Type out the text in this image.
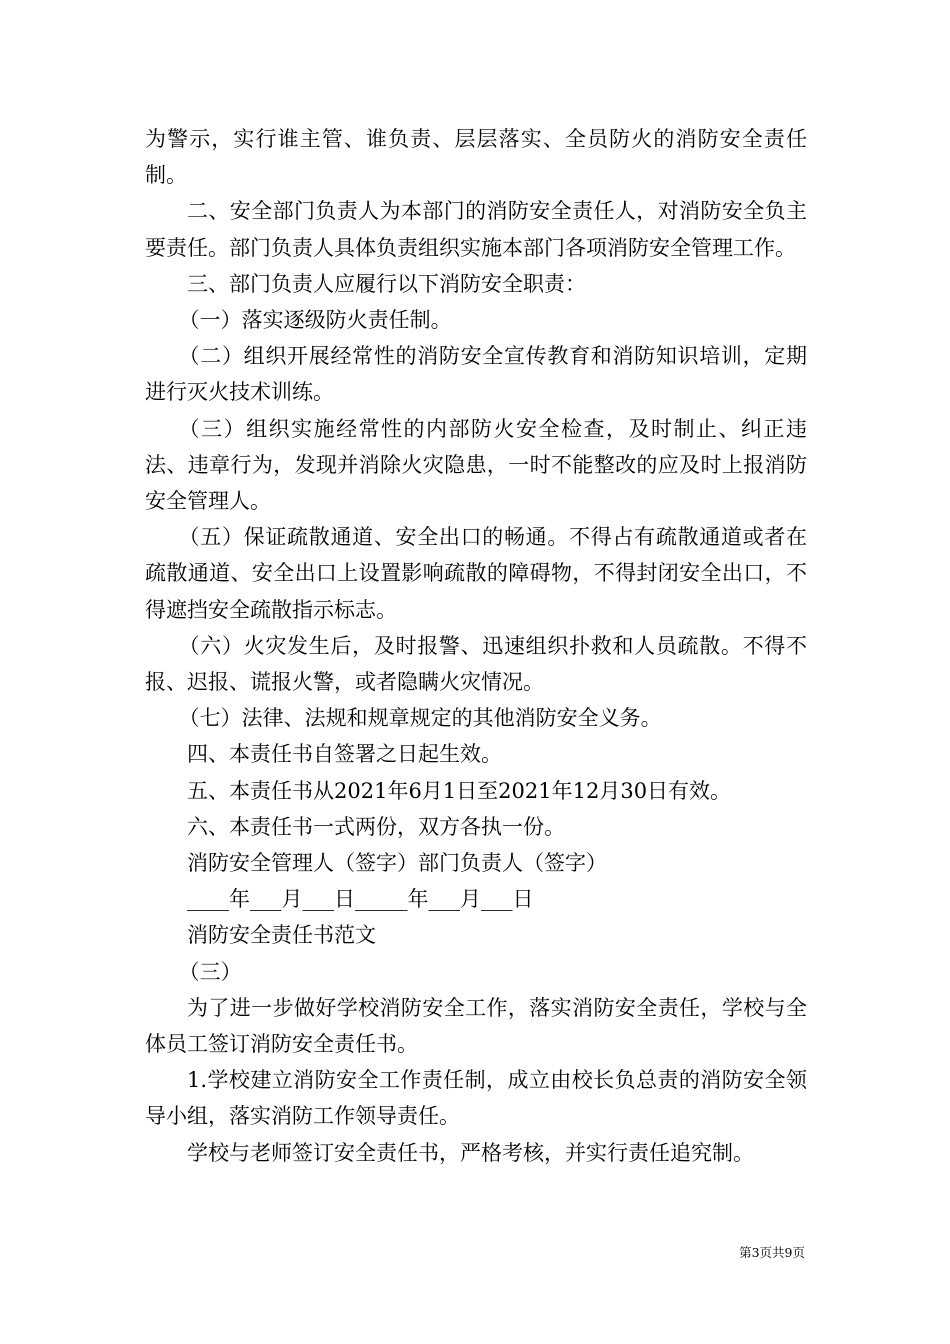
为警示，实行谁主管、谁负责、层层落实、全员防火的消防安全责任制。

二、安全部门负责人为本部门的消防安全责任人，对消防安全负主要责任。部门负责人具体负责组织实施本部门各项消防安全管理工作。

三、部门负责人应履行以下消防安全职责：

（一）落实逐级防火责任制。

（二）组织开展经常性的消防安全宣传教育和消防知识培训，定期进行灭火技术训练。

（三）组织实施经常性的内部防火安全检查，及时制止、纠正违法、违章行为，发现并消除火灾隐患，一时不能整改的应及时上报消防安全管理人。

（五）保证疏散通道、安全出口的畅通。不得占有疏散通道或者在疏散通道、安全出口上设置影响疏散的障碍物，不得封闭安全出口，不得遮挡安全疏散指示标志。

（六）火灾发生后，及时报警、迅速组织扑救和人员疏散。不得不报、迟报、谎报火警，或者隐瞒火灾情况。

（七）法律、法规和规章规定的其他消防安全义务。

四、本责任书自签署之日起生效。

五、本责任书从2021年6月1日至2021年12月30日有效。

六、本责任书一式两份，双方各执一份。

消防安全管理人（签字）部门负责人（签字）

____年___月___日_____年___月___日

消防安全责任书范文

（三）

为了进一步做好学校消防安全工作，落实消防安全责任，学校与全体员工签订消防安全责任书。

1.学校建立消防安全工作责任制，成立由校长负总责的消防安全领导小组，落实消防工作领导责任。

学校与老师签订安全责任书，严格考核，并实行责任追究制。

第3页共9页
